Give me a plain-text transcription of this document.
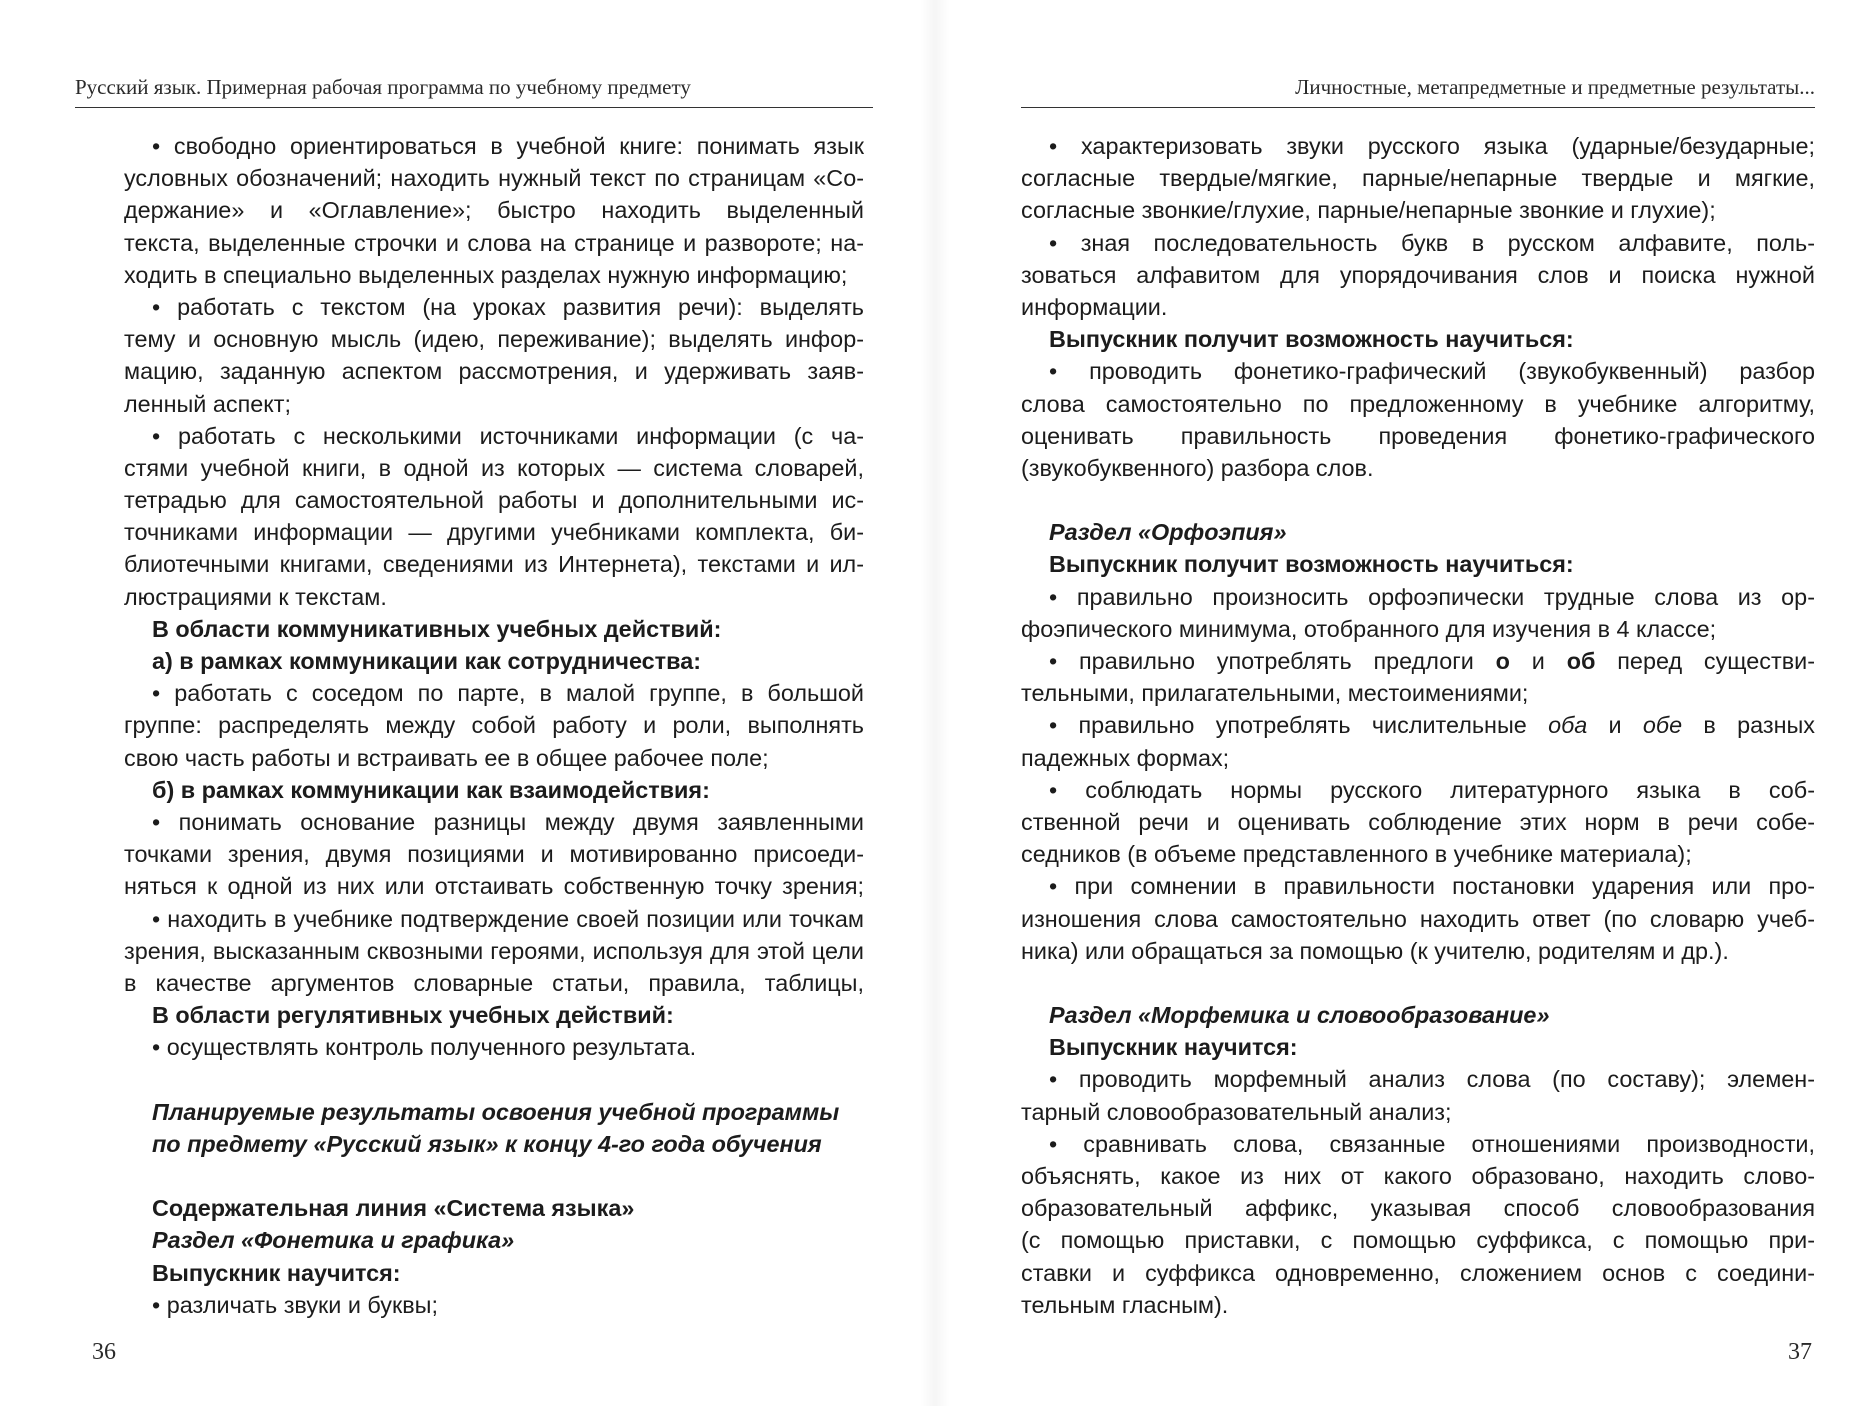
Русский язык. Примерная рабочая программа по учебному предмету
• свободно ориентироваться в учебной книге: понимать язык
условных обозначений; находить нужный текст по страницам «Со-
держание» и «Оглавление»; быстро находить выделенный
текста, выделенные строчки и слова на странице и развороте; на-
ходить в специально выделенных разделах нужную информацию;
• работать с текстом (на уроках развития речи): выделять
тему и основную мысль (идею, переживание); выделять инфор-
мацию, заданную аспектом рассмотрения, и удерживать заяв-
ленный аспект;
• работать с несколькими источниками информации (с ча-
стями учебной книги, в одной из которых — система словарей,
тетрадью для самостоятельной работы и дополнительными ис-
точниками информации — другими учебниками комплекта, би-
блиотечными книгами, сведениями из Интернета), текстами и ил-
люстрациями к текстам.
В области коммуникативных учебных действий:
а) в рамках коммуникации как сотрудничества:
• работать с соседом по парте, в малой группе, в большой
группе: распределять между собой работу и роли, выполнять
свою часть работы и встраивать ее в общее рабочее поле;
б) в рамках коммуникации как взаимодействия:
• понимать основание разницы между двумя заявленными
точками зрения, двумя позициями и мотивированно присоеди-
няться к одной из них или отстаивать собственную точку зрения;
• находить в учебнике подтверждение своей позиции или точкам
зрения, высказанным сквозными героями, используя для этой цели
в качестве аргументов словарные статьи, правила, таблицы,
В области регулятивных учебных действий:
• осуществлять контроль полученного результата.
Планируемые результаты освоения учебной программы
по предмету «Русский язык» к концу 4-го года обучения
Содержательная линия «Система языка»
Раздел «Фонетика и графика»
Выпускник научится:
• различать звуки и буквы;
36
Личностные, метапредметные и предметные результаты...
• характеризовать звуки русского языка (ударные/безударные;
согласные твердые/мягкие, парные/непарные твердые и мягкие,
согласные звонкие/глухие, парные/непарные звонкие и глухие);
• зная последовательность букв в русском алфавите, поль-
зоваться алфавитом для упорядочивания слов и поиска нужной
информации.
Выпускник получит возможность научиться:
• проводить фонетико-графический (звукобуквенный) разбор
слова самостоятельно по предложенному в учебнике алгоритму,
оценивать правильность проведения фонетико-графического
(звукобуквенного) разбора слов.
Раздел «Орфоэпия»
Выпускник получит возможность научиться:
• правильно произносить орфоэпически трудные слова из ор-
фоэпического минимума, отобранного для изучения в 4 классе;
• правильно употреблять предлоги о и об перед существи-
тельными, прилагательными, местоимениями;
• правильно употреблять числительные оба и обе в разных
падежных формах;
• соблюдать нормы русского литературного языка в соб-
ственной речи и оценивать соблюдение этих норм в речи собе-
седников (в объеме представленного в учебнике материала);
• при сомнении в правильности постановки ударения или про-
изношения слова самостоятельно находить ответ (по словарю учеб-
ника) или обращаться за помощью (к учителю, родителям и др.).
Раздел «Морфемика и словообразование»
Выпускник научится:
• проводить морфемный анализ слова (по составу); элемен-
тарный словообразовательный анализ;
• сравнивать слова, связанные отношениями производности,
объяснять, какое из них от какого образовано, находить слово-
образовательный аффикс, указывая способ словообразования
(с помощью приставки, с помощью суффикса, с помощью при-
ставки и суффикса одновременно, сложением основ с соедини-
тельным гласным).
37
